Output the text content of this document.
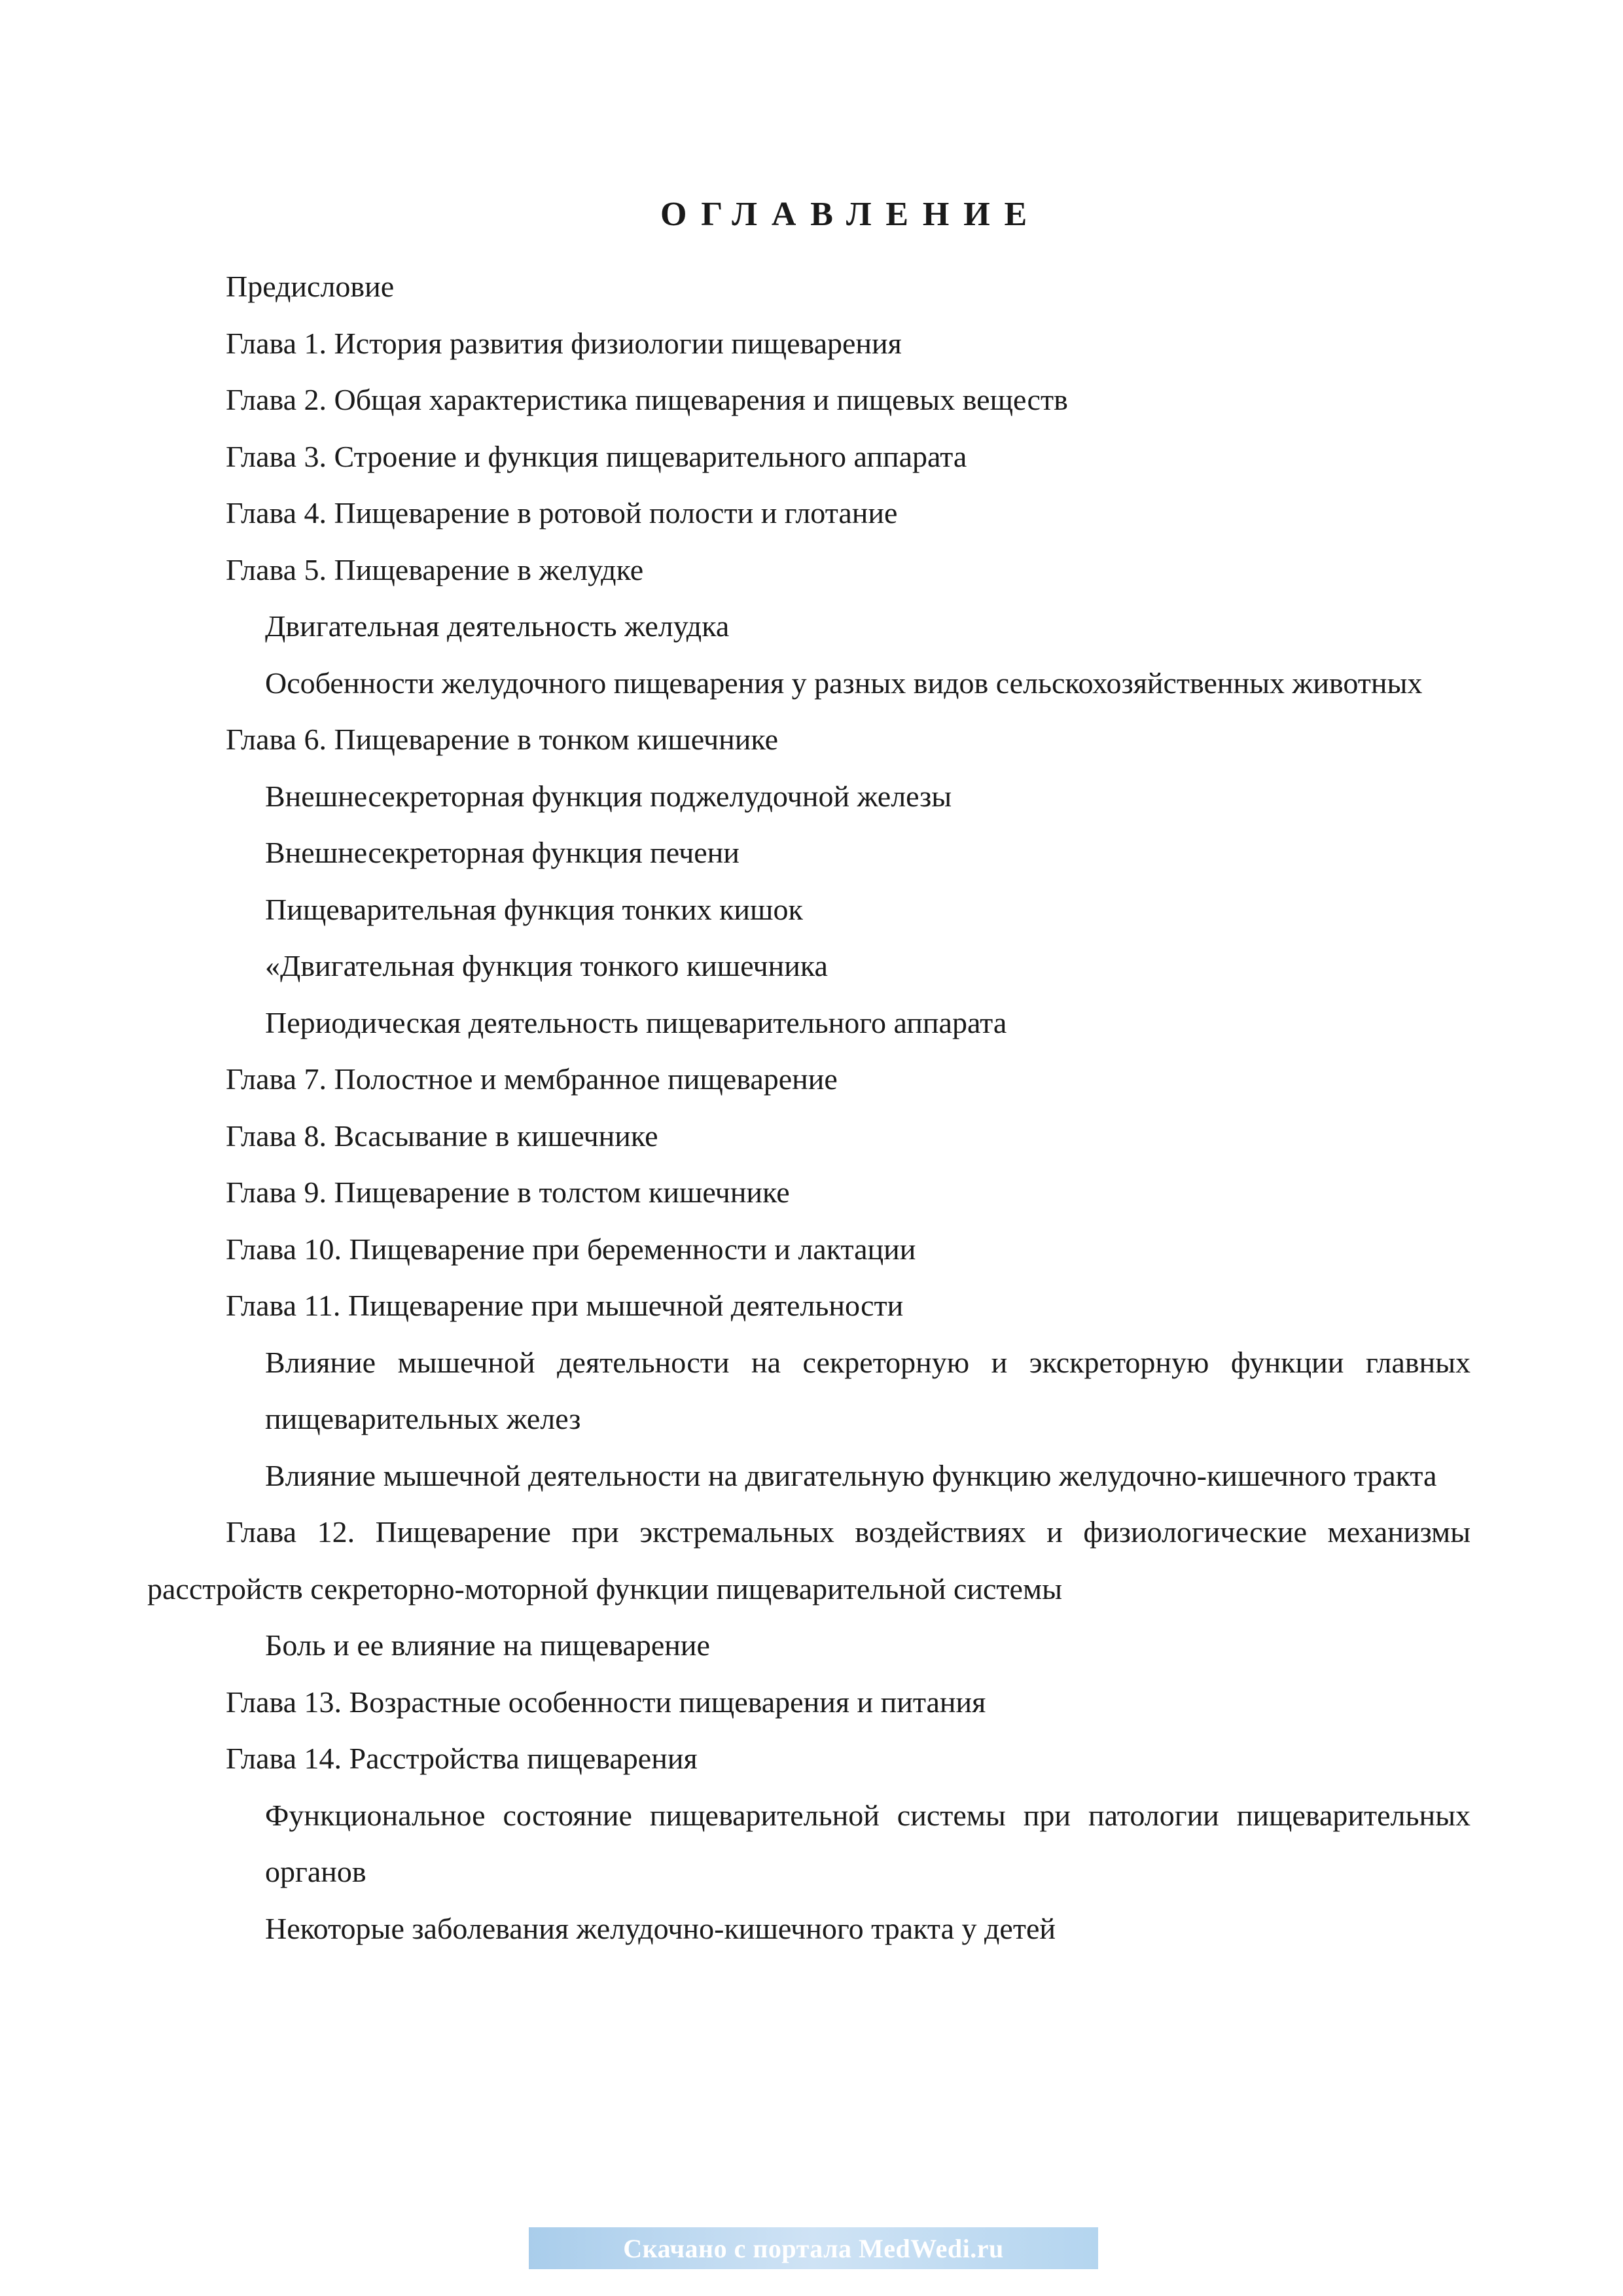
ОГЛАВЛЕНИЕ
Предисловие
Глава 1. История развития физиологии пищеварения
Глава 2. Общая характеристика пищеварения и пищевых веществ
Глава 3. Строение и функция пищеварительного аппарата
Глава 4. Пищеварение в ротовой полости и глотание
Глава 5. Пищеварение в желудке
Двигательная деятельность желудка
Особенности желудочного пищеварения у разных видов сельскохозяйственных животных
Глава 6. Пищеварение в тонком кишечнике
Внешнесекреторная функция поджелудочной железы
Внешнесекреторная функция печени
Пищеварительная функция тонких кишок
«Двигательная функция тонкого кишечника
Периодическая деятельность пищеварительного аппарата
Глава 7. Полостное и мембранное пищеварение
Глава 8. Всасывание в кишечнике
Глава 9. Пищеварение в толстом кишечнике
Глава 10. Пищеварение при беременности и лактации
Глава 11. Пищеварение при мышечной деятельности
Влияние мышечной деятельности на секреторную и экскреторную функции главных пищеварительных желез
Влияние мышечной деятельности на двигательную функцию желудочно-кишечного тракта
Глава 12. Пищеварение при экстремальных воздействиях и физиологические механизмы расстройств секреторно-моторной функции пищеварительной системы
Боль и ее влияние на пищеварение
Глава 13. Возрастные особенности пищеварения и питания
Глава 14. Расстройства пищеварения
Функциональное состояние пищеварительной системы при патологии пищеварительных органов
Некоторые заболевания желудочно-кишечного тракта у детей
Скачано с портала MedWedi.ru
